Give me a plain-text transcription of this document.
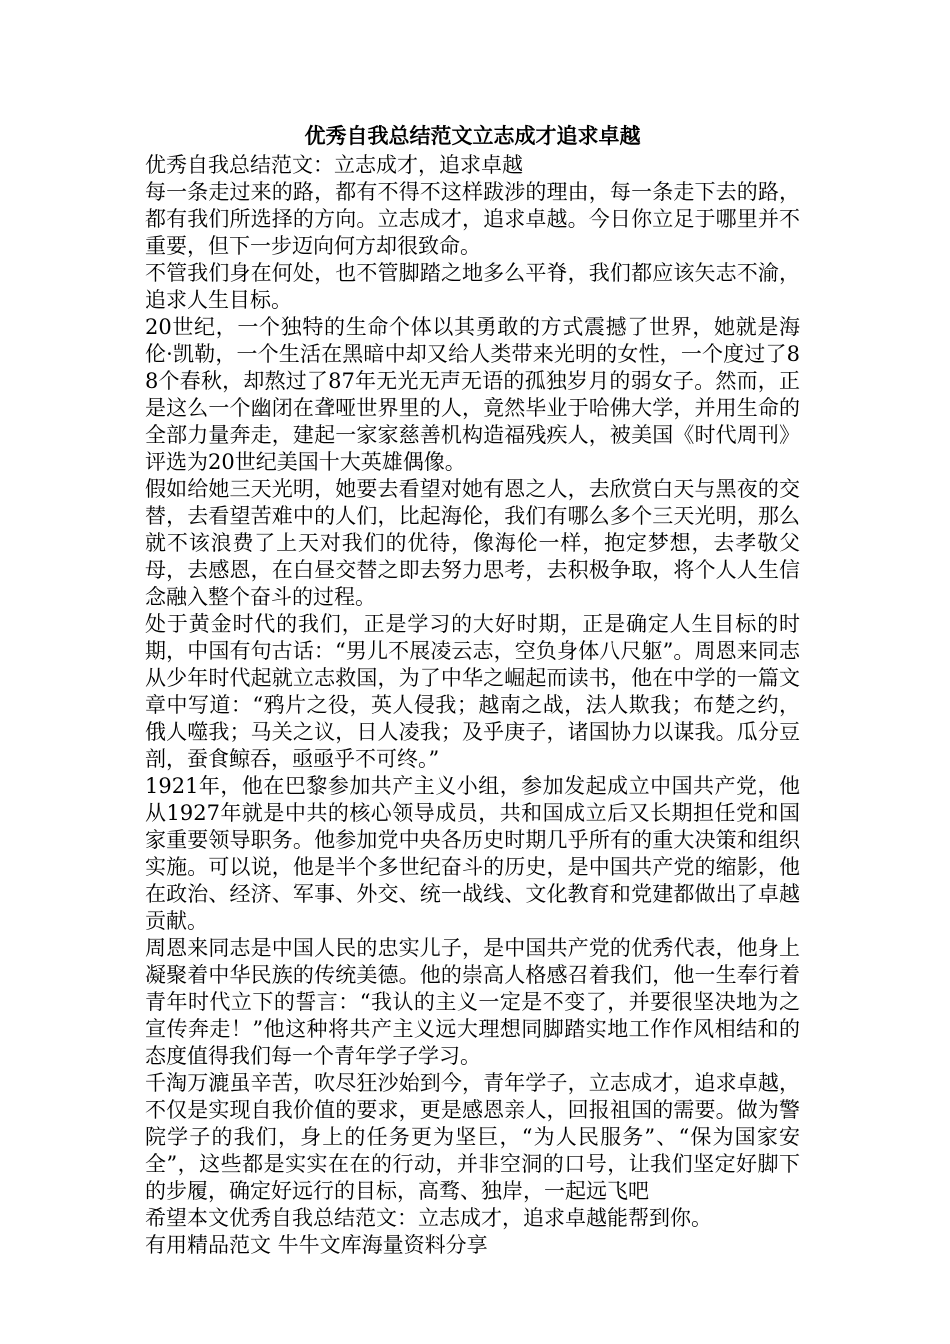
优秀自我总结范文立志成才追求卓越

优秀自我总结范文：立志成才，追求卓越

每一条走过来的路，都有不得不这样跋涉的理由，每一条走下去的路，都有我们所选择的方向。立志成才，追求卓越。今日你立足于哪里并不重要，但下一步迈向何方却很致命。

不管我们身在何处，也不管脚踏之地多么平脊，我们都应该矢志不渝，追求人生目标。

20世纪，一个独特的生命个体以其勇敢的方式震撼了世界，她就是海伦·凯勒，一个生活在黑暗中却又给人类带来光明的女性，一个度过了88个春秋，却熬过了87年无光无声无语的孤独岁月的弱女子。然而，正是这么一个幽闭在聋哑世界里的人，竟然毕业于哈佛大学，并用生命的全部力量奔走，建起一家家慈善机构造福残疾人，被美国《时代周刊》评选为20世纪美国十大英雄偶像。

假如给她三天光明，她要去看望对她有恩之人，去欣赏白天与黑夜的交替，去看望苦难中的人们，比起海伦，我们有哪么多个三天光明，那么就不该浪费了上天对我们的优待，像海伦一样，抱定梦想，去孝敬父母，去感恩，在白昼交替之即去努力思考，去积极争取，将个人人生信念融入整个奋斗的过程。

处于黄金时代的我们，正是学习的大好时期，正是确定人生目标的时期，中国有句古话：“男儿不展凌云志，空负身体八尺躯”。周恩来同志从少年时代起就立志救国，为了中华之崛起而读书，他在中学的一篇文章中写道：“鸦片之役，英人侵我；越南之战，法人欺我；布楚之约，俄人噬我；马关之议，日人凌我；及乎庚子，诸国协力以谋我。瓜分豆剖，蚕食鲸吞，亟亟乎不可终。”

1921年，他在巴黎参加共产主义小组，参加发起成立中国共产党，他从1927年就是中共的核心领导成员，共和国成立后又长期担任党和国家重要领导职务。他参加党中央各历史时期几乎所有的重大决策和组织实施。可以说，他是半个多世纪奋斗的历史，是中国共产党的缩影，他在政治、经济、军事、外交、统一战线、文化教育和党建都做出了卓越贡献。

周恩来同志是中国人民的忠实儿子，是中国共产党的优秀代表，他身上凝聚着中华民族的传统美德。他的崇高人格感召着我们，他一生奉行着青年时代立下的誓言：“我认的主义一定是不变了，并要很坚决地为之宣传奔走！”他这种将共产主义远大理想同脚踏实地工作作风相结和的态度值得我们每一个青年学子学习。

千淘万漉虽辛苦，吹尽狂沙始到今，青年学子，立志成才，追求卓越，不仅是实现自我价值的要求，更是感恩亲人，回报祖国的需要。做为警院学子的我们，身上的任务更为坚巨，“为人民服务”、“保为国家安全”，这些都是实实在在的行动，并非空洞的口号，让我们坚定好脚下的步履，确定好远行的目标，高骛、独岸，一起远飞吧

希望本文优秀自我总结范文：立志成才，追求卓越能帮到你。

有用精品范文 牛牛文库海量资料分享
